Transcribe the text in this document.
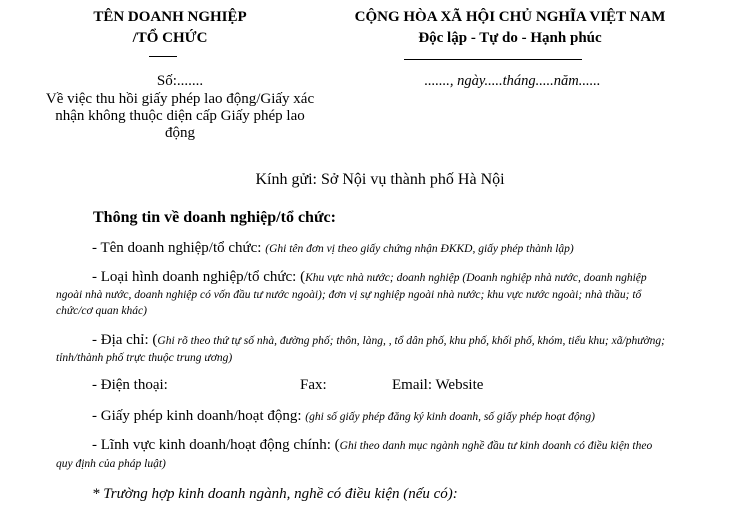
TÊN DOANH NGHIỆP
/TỔ CHỨC
Số:.......
Về việc thu hồi giấy phép lao động/Giấy xác
nhận không thuộc diện cấp Giấy phép lao
động
CỘNG HÒA XÃ HỘI CHỦ NGHĨA VIỆT NAM
Độc lập - Tự do - Hạnh phúc
......., ngày.....tháng.....năm......
Kính gửi: Sở Nội vụ thành phố Hà Nội
Thông tin về doanh nghiệp/tổ chức:
- Tên doanh nghiệp/tổ chức: (Ghi tên đơn vị theo giấy chứng nhận ĐKKD, giấy phép thành lập)
- Loại hình doanh nghiệp/tổ chức: (Khu vực nhà nước; doanh nghiệp (Doanh nghiệp nhà nước, doanh nghiệp
ngoài nhà nước, doanh nghiệp có vốn đầu tư nước ngoài); đơn vị sự nghiệp ngoài nhà nước; khu vực nước ngoài; nhà thầu; tổ
chức/cơ quan khác)
- Địa chỉ: (Ghi rõ theo thứ tự số nhà, đường phố; thôn, làng, , tổ dân phố, khu phố, khối phố, khóm, tiểu khu; xã/phường;
tỉnh/thành phố trực thuộc trung ương)
- Điện thoại:	Fax:	Email: Website
- Giấy phép kinh doanh/hoạt động: (ghi số giấy phép đăng ký kinh doanh, số giấy phép hoạt động)
- Lĩnh vực kinh doanh/hoạt động chính: (Ghi theo danh mục ngành nghề đầu tư kinh doanh có điều kiện theo
quy định của pháp luật)
* Trường hợp kinh doanh ngành, nghề có điều kiện (nếu có):
